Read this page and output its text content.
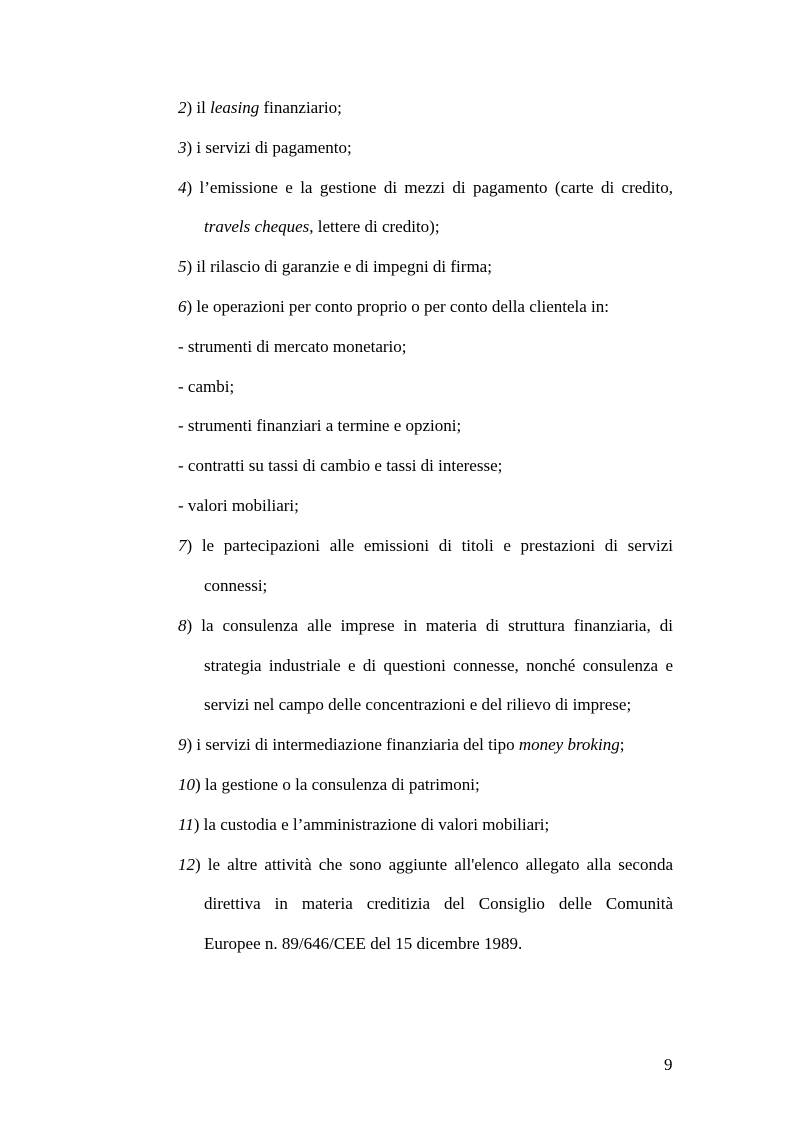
2) il leasing finanziario;

3) i servizi di pagamento;

4) l’emissione e la gestione di mezzi di pagamento (carte di credito,

travels cheques, lettere di credito);

5) il rilascio di garanzie e di impegni di firma;

6) le operazioni per conto proprio o per conto della clientela in:

- strumenti di mercato monetario;

- cambi;

- strumenti finanziari a termine e opzioni;

- contratti su tassi di cambio e tassi di interesse;

- valori mobiliari;

7) le partecipazioni alle emissioni di titoli e prestazioni di servizi

connessi;

8) la consulenza alle imprese in materia di struttura finanziaria, di

strategia industriale e di questioni connesse, nonché consulenza e

servizi nel campo delle concentrazioni e del rilievo di imprese;

9) i servizi di intermediazione finanziaria del tipo money broking;

10) la gestione o la consulenza di patrimoni;

11) la custodia e l’amministrazione di valori mobiliari;

12) le altre attività che sono aggiunte all'elenco allegato alla seconda

direttiva in materia creditizia del Consiglio delle Comunità

Europee n. 89/646/CEE del 15 dicembre 1989.

9
